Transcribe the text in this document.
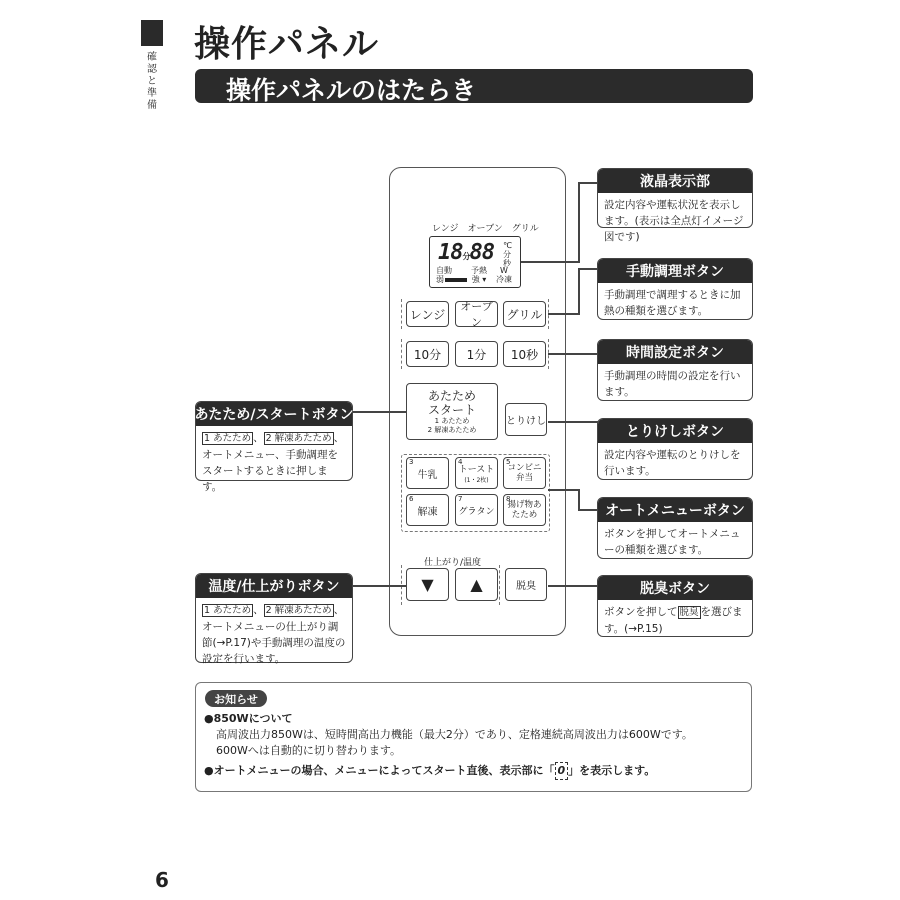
確認と準備
操作パネル
操作パネルのはたらき
レンジ　オーブン　グリル
18分88 ℃
分
秒
自動
弱
予熱
強 ▾
W
冷凍
レンジ
オーブン
グリル
10分	1分	10秒
あたため
スタート
1 あたため
2 解凍あたため
とりけし
3
牛乳
4
トースト
(1・2枚)
5
コンビニ弁当
6
解凍
7
グラタン
8
揚げ物あたため
仕上がり/温度
▼	▲	脱臭
液晶表示部
設定内容や運転状況を表示します。(表示は全点灯イメージ図です)
手動調理ボタン
手動調理で調理するときに加熱の種類を選びます。
時間設定ボタン
手動調理の時間の設定を行います。
とりけしボタン
設定内容や運転のとりけしを行います。
オートメニューボタン
ボタンを押してオートメニューの種類を選びます。
脱臭ボタン
ボタンを押して 脱臭 を選びます。(→P.15)
あたため/スタートボタン
1 あたため 、 2 解凍あたため 、オートメニュー、手動調理をスタートするときに押します。
温度/仕上がりボタン
1 あたため 、 2 解凍あたため 、オートメニューの仕上がり調節(→P.17)や手動調理の温度の設定を行います。
お知らせ
●850Wについて
高周波出力850Wは、短時間高出力機能（最大2分）であり、定格連続高周波出力は600Wです。
600Wへは自動的に切り替わります。
●オートメニューの場合、メニューによってスタート直後、表示部に「 0 」を表示します。
6
